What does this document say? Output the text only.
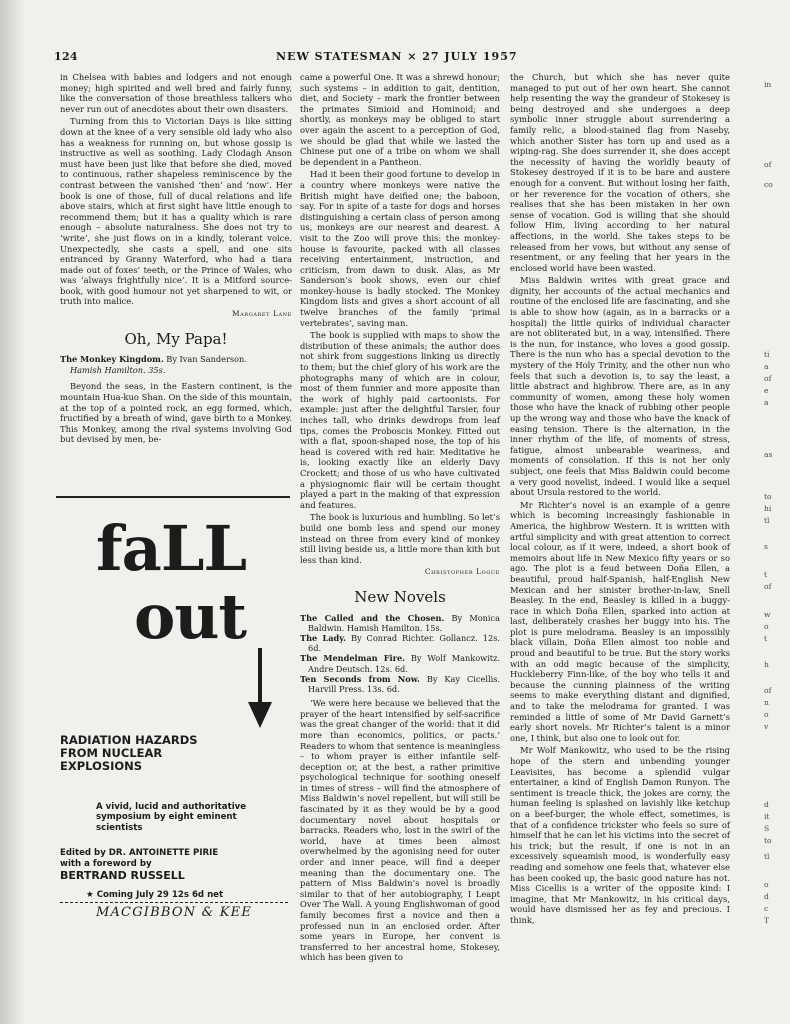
124	NEW STATESMAN × 27 JULY 1957

in Chelsea with babies and lodgers and not enough money; high spirited and well bred and fairly funny, like the conversation of those breathless talkers who never run out of anecdotes about their own disasters.

Turning from this to Victorian Days is like sitting down at the knee of a very sensible old lady who also has a weakness for running on, but whose gossip is instructive as well as soothing. Lady Clodagh Anson must have been just like that before she died, moved to continuous, rather shapeless reminiscence by the contrast between the vanished ‘then’ and ‘now’. Her book is one of those, full of ducal relations and life above stairs, which at first sight have little enough to recommend them; but it has a quality which is rare enough – absolute naturalness. She does not try to ‘write’, she just flows on in a kindly, tolerant voice. Unexpectedly, she casts a spell, and one sits entranced by Granny Waterford, who had a tiara made out of foxes’ teeth, or the Prince of Wales, who was ‘always frightfully nice’. It is a Mitford source-book, with good humour not yet sharpened to wit, or truth into malice.

Margaret Lane
Oh, My Papa!
The Monkey Kingdom. By Ivan Sanderson.
Hamish Hamilton. 35s.

Beyond the seas, in the Eastern continent, is the mountain Hua-kuo Shan. On the side of this mountain, at the top of a pointed rock, an egg formed, which, fructified by a breath of wind, gave birth to a Monkey. This Monkey, among the rival systems involving God but devised by men, be-

faLL
out
RADIATION HAZARDS FROM NUCLEAR EXPLOSIONS
A vivid, lucid and authoritative symposium by eight eminent scientists
Edited by DR. ANTOINETTE PIRIE
with a foreword by
BERTRAND RUSSELL
★ Coming July 29 12s 6d net
MACGIBBON & KEE

came a powerful One. It was a shrewd honour; such systems – in addition to gait, dentition, diet, and Society – mark the frontier between the primates Simioid and Hominoid; and shortly, as monkeys may be obliged to start over again the ascent to a perception of God, we should be glad that while we lasted the Chinese put one of a tribe on whom we shall be dependent in a Pantheon.

Had it been their good fortune to develop in a country where monkeys were native the British might have deified one; the baboon, say. For in spite of a taste for dogs and horses distinguishing a certain class of person among us, monkeys are our nearest and dearest. A visit to the Zoo will prove this: the monkey-house is favourite, packed with all classes receiving entertainment, instruction, and criticism, from dawn to dusk. Alas, as Mr Sanderson’s book shows, even our chief monkey-house is badly stocked. The Monkey Kingdom lists and gives a short account of all twelve branches of the family ‘primal vertebrates’, saving man.

The book is supplied with maps to show the distribution of these animals; the author does not shirk from suggestions linking us directly to them; but the chief glory of his work are the photographs many of which are in colour, most of them funnier and more apposite than the work of highly paid cartoonists. For example: just after the delightful Tarsier, four inches tall, who drinks dewdrops from leaf tips, comes the Proboscis Monkey. Fitted out with a flat, spoon-shaped nose, the top of his head is covered with red hair. Meditative he is, looking exactly like an elderly Davy Crockett; and those of us who have cultivated a physiognomic flair will be certain thought played a part in the making of that expression and features.

The book is luxurious and humbling. So let’s build one bomb less and spend our money instead on three from every kind of monkey still living beside us, a little more than kith but less than kind.

Christopher Logue
New Novels

The Called and the Chosen. By Monica Baldwin. Hamish Hamilton. 15s.

The Lady. By Conrad Richter. Gollancz. 12s. 6d.

The Mendelman Fire. By Wolf Mankowitz. Andre Deutsch. 12s. 6d.

Ten Seconds from Now. By Kay Cicellis. Harvill Press. 13s. 6d.

‘We were here because we believed that the prayer of the heart intensified by self-sacrifice was the great changer of the world: that it did more than economics, politics, or pacts.’ Readers to whom that sentence is meaningless – to whom prayer is either infantile self-deception or, at the best, a rather primitive psychological technique for soothing oneself in times of stress – will find the atmosphere of Miss Baldwin’s novel repellent, but will still be fascinated by it as they would be by a good documentary novel about hospitals or barracks. Readers who, lost in the swirl of the world, have at times been almost overwhelmed by the agonising need for outer order and inner peace, will find a deeper meaning than the documentary one. The pattern of Miss Baldwin’s novel is broadly similar to that of her autobiography, I Leapt Over The Wall. A young Englishwoman of good family becomes first a novice and then a professed nun in an enclosed order. After some years in Europe, her convent is transferred to her ancestral home, Stokesey, which has been given to

the Church, but which she has never quite managed to put out of her own heart. She cannot help resenting the way the grandeur of Stokesey is being destroyed and she undergoes a deep symbolic inner struggle about surrendering a family relic, a blood-stained flag from Naseby, which another Sister has torn up and used as a wiping-rag. She does surrender it, she does accept the necessity of having the worldly beauty of Stokesey destroyed if it is to be bare and austere enough for a convent. But without losing her faith, or her reverence for the vocation of others, she realises that she has been mistaken in her own sense of vocation. God is willing that she should follow Him, living according to her natural affections, in the world. She takes steps to be released from her vows, but without any sense of resentment, or any feeling that her years in the enclosed world have been wasted.

Miss Baldwin writes with great grace and dignity, her accounts of the actual mechanics and routine of the enclosed life are fascinating, and she is able to show how (again, as in a barracks or a hospital) the little quirks of individual character are not obliterated but, in a way, intensified. There is the nun, for instance, who loves a good gossip. There is the nun who has a special devotion to the mystery of the Holy Trinity, and the other nun who feels that such a devotion is, to say the least, a little abstract and highbrow. There are, as in any community of women, among these holy women those who have the knack of rubbing other people up the wrong way and those who have the knack of easing tension. There is the alternation, in the inner rhythm of the life, of moments of stress, fatigue, almost unbearable weariness, and moments of consolation. If this is not her only subject, one feels that Miss Baldwin could become a very good novelist, indeed. I would like a sequel about Ursula restored to the world.

Mr Richter’s novel is an example of a genre which is becoming increasingly fashionable in America, the highbrow Western. It is written with artful simplicity and with great attention to correct local colour, as if it were, indeed, a short book of memoirs about life in New Mexico fifty years or so ago. The plot is a feud between Doña Ellen, a beautiful, proud half-Spanish, half-English New Mexican and her sinister brother-in-law, Snell Beasley. In the end, Beasley is killed in a buggy-race in which Doña Ellen, sparked into action at last, deliberately crashes her buggy into his. The plot is pure melodrama. Beasley is an impossibly black villain, Doña Ellen almost too noble and proud and beautiful to be true. But the story works with an odd magic because of the simplicity, Huckleberry Finn-like, of the boy who tells it and because the cunning plainness of the writing seems to make everything distant and dignified, and to take the melodrama for granted. I was reminded a little of some of Mr David Garnett’s early short novels. Mr Richter’s talent is a minor one, I think, but also one to look out for.

Mr Wolf Mankowitz, who used to be the rising hope of the stern and unbending younger Leavisites, has become a splendid vulgar entertainer, a kind of English Damon Runyon. The sentiment is treacle thick, the jokes are corny, the human feeling is splashed on lavishly like ketchup on a beef-burger, the whole effect, sometimes, is that of a confidence trickster who feels so sure of himself that he can let his victims into the secret of his trick; but the result, if one is not in an excessively squeamish mood, is wonderfully easy reading and somehow one feels that, whatever else has been cooked up, the basic good nature has not. Miss Cicellis is a writer of the opposite kind: I imagine, that Mr Mankowitz, in his critical days, would have dismissed her as fey and precious. I think,

in
of
co
ti
a
of
e
a
as
to
hi
tl
s
t
of
w
o
t
h
of
n
o
v
d
it
S
to
tl
o
d
c
T
